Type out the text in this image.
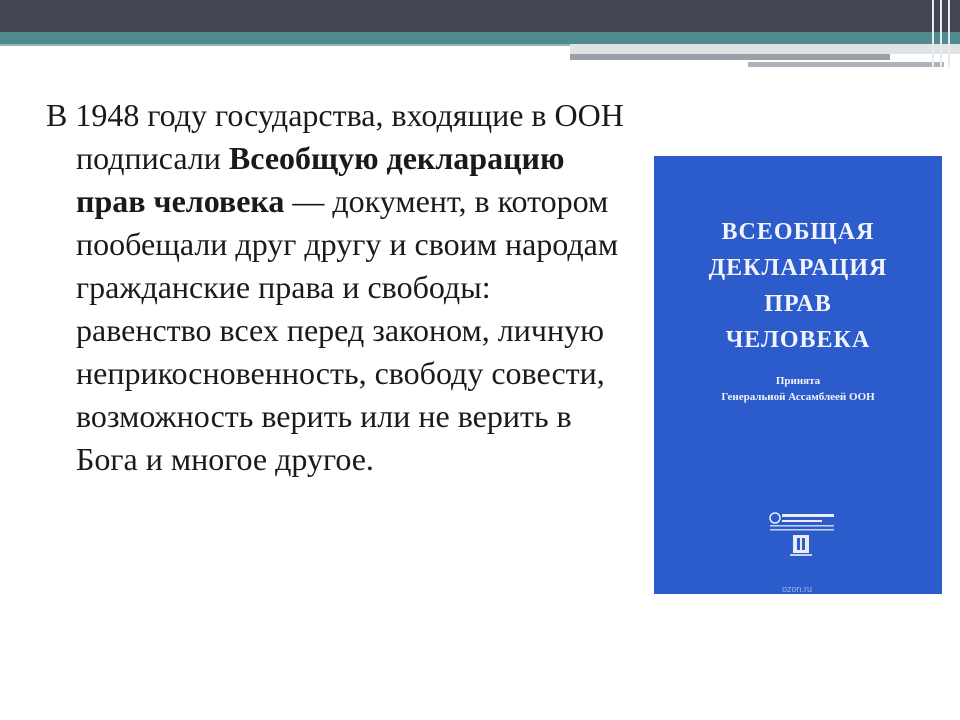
В 1948 году государства, входящие в ООН подписали Всеобщую декларацию прав человека — документ, в котором пообещали друг другу и своим народам гражданские права и свободы: равенство всех перед законом, личную неприкосновенность, свободу совести, возможность верить или не верить в Бога и многое другое.

ВСЕОБЩАЯ
ДЕКЛАРАЦИЯ
ПРАВ
ЧЕЛОВЕКА
Принята
Генеральной Ассамблеей ООН
ozon.ru
